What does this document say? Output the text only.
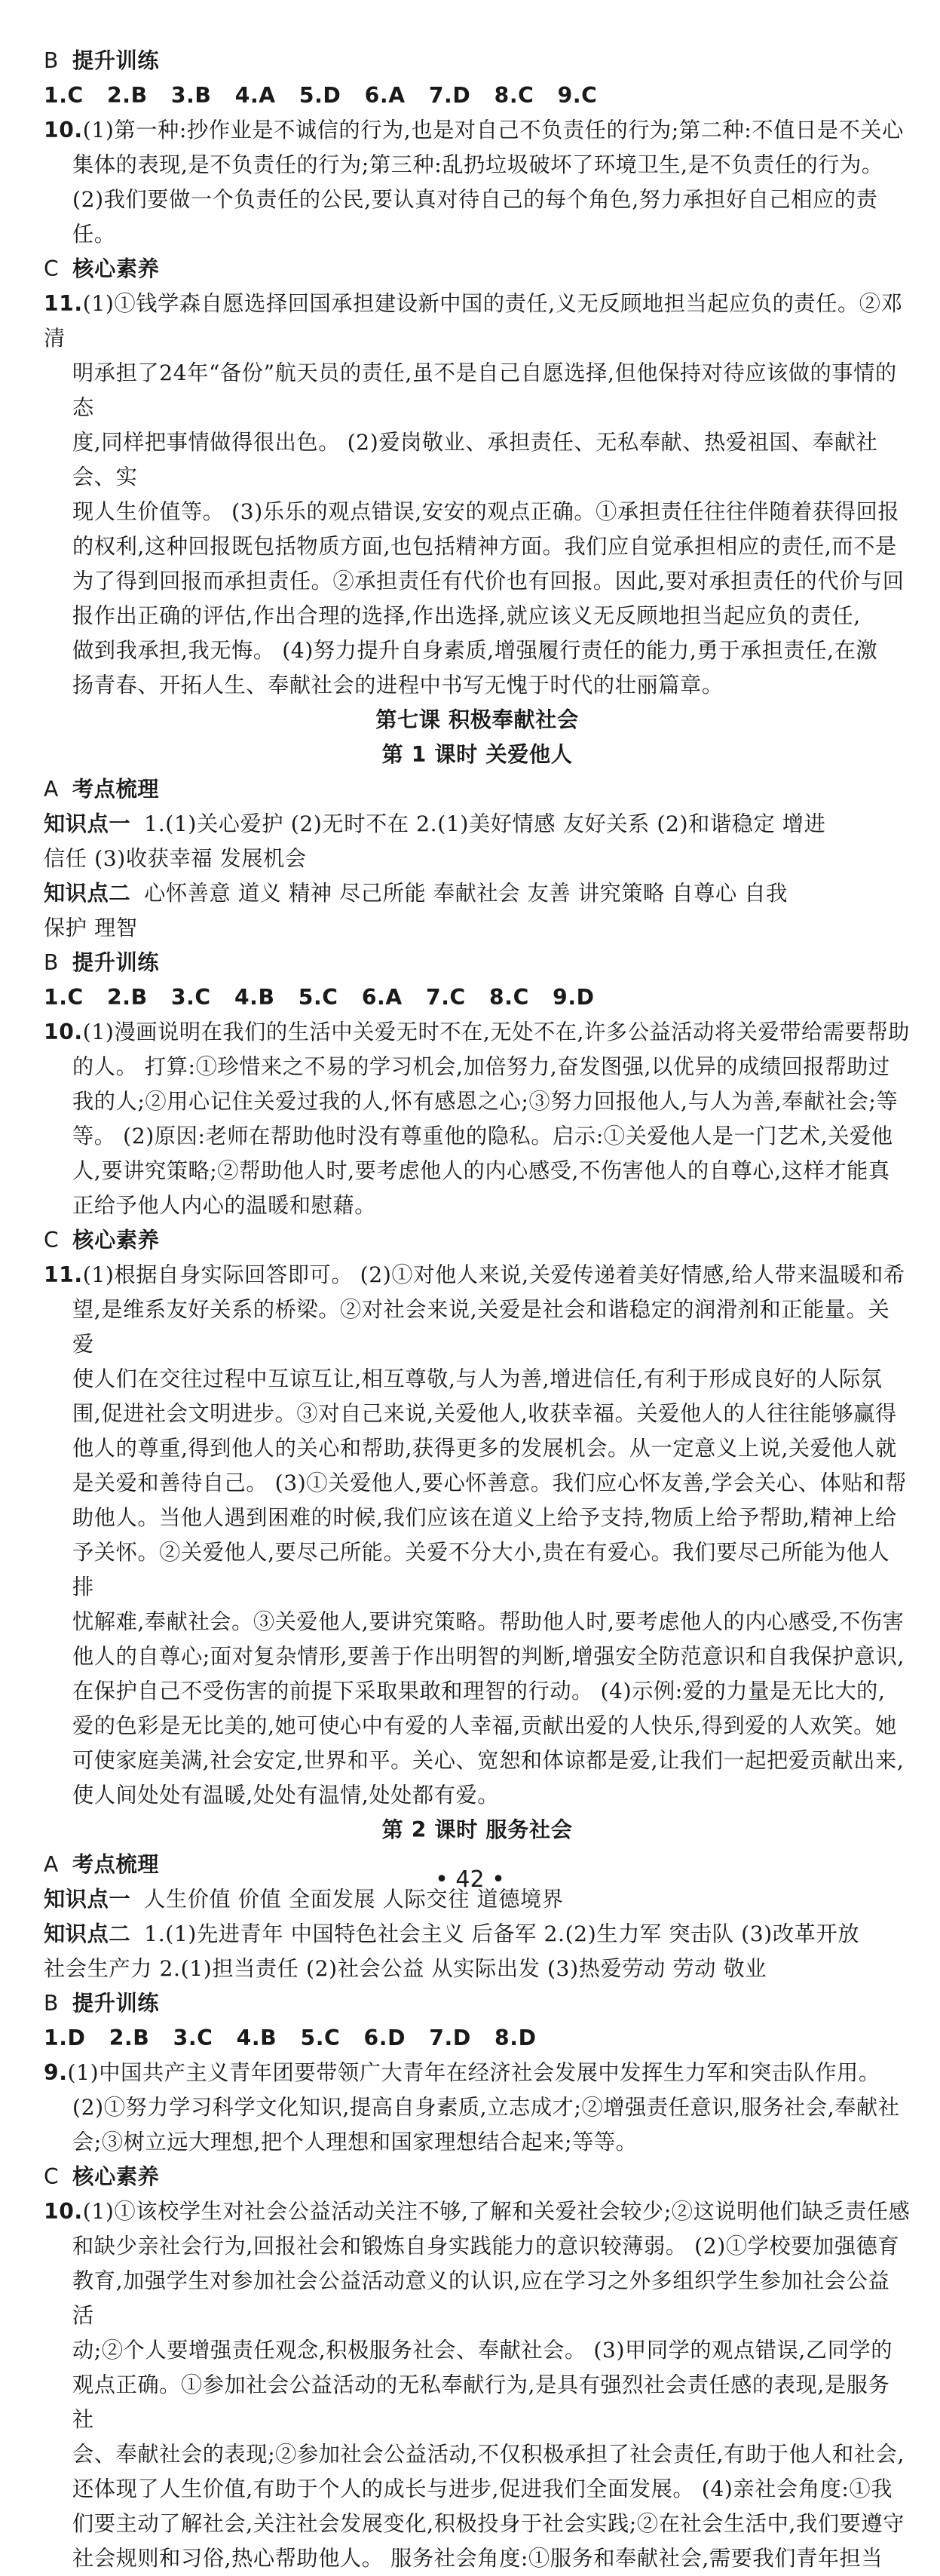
B 提升训练

1.C   2.B   3.B   4.A   5.D   6.A   7.D   8.C   9.C

10.(1)第一种:抄作业是不诚信的行为,也是对自己不负责任的行为;第二种:不值日是不关心

集体的表现,是不负责任的行为;第三种:乱扔垃圾破坏了环境卫生,是不负责任的行为。

(2)我们要做一个负责任的公民,要认真对待自己的每个角色,努力承担好自己相应的责任。

C 核心素养

11.(1)①钱学森自愿选择回国承担建设新中国的责任,义无反顾地担当起应负的责任。②邓清

明承担了24年“备份”航天员的责任,虽不是自己自愿选择,但他保持对待应该做的事情的态

度,同样把事情做得很出色。 (2)爱岗敬业、承担责任、无私奉献、热爱祖国、奉献社会、实

现人生价值等。 (3)乐乐的观点错误,安安的观点正确。①承担责任往往伴随着获得回报

的权利,这种回报既包括物质方面,也包括精神方面。我们应自觉承担相应的责任,而不是

为了得到回报而承担责任。②承担责任有代价也有回报。因此,要对承担责任的代价与回

报作出正确的评估,作出合理的选择,作出选择,就应该义无反顾地担当起应负的责任,

做到我承担,我无悔。 (4)努力提升自身素质,增强履行责任的能力,勇于承担责任,在激

扬青春、开拓人生、奉献社会的进程中书写无愧于时代的壮丽篇章。

第七课 积极奉献社会

第 1 课时 关爱他人

A 考点梳理

知识点一 1.(1)关心爱护 (2)无时不在 2.(1)美好情感 友好关系 (2)和谐稳定 增进

信任 (3)收获幸福 发展机会

知识点二 心怀善意 道义 精神 尽己所能 奉献社会 友善 讲究策略 自尊心 自我

保护 理智

B 提升训练

1.C   2.B   3.C   4.B   5.C   6.A   7.C   8.C   9.D

10.(1)漫画说明在我们的生活中关爱无时不在,无处不在,许多公益活动将关爱带给需要帮助

的人。 打算:①珍惜来之不易的学习机会,加倍努力,奋发图强,以优异的成绩回报帮助过

我的人;②用心记住关爱过我的人,怀有感恩之心;③努力回报他人,与人为善,奉献社会;等

等。 (2)原因:老师在帮助他时没有尊重他的隐私。启示:①关爱他人是一门艺术,关爱他

人,要讲究策略;②帮助他人时,要考虑他人的内心感受,不伤害他人的自尊心,这样才能真

正给予他人内心的温暖和慰藉。

C 核心素养

11.(1)根据自身实际回答即可。 (2)①对他人来说,关爱传递着美好情感,给人带来温暖和希

望,是维系友好关系的桥梁。②对社会来说,关爱是社会和谐稳定的润滑剂和正能量。关爱

使人们在交往过程中互谅互让,相互尊敬,与人为善,增进信任,有利于形成良好的人际氛

围,促进社会文明进步。③对自己来说,关爱他人,收获幸福。关爱他人的人往往能够赢得

他人的尊重,得到他人的关心和帮助,获得更多的发展机会。从一定意义上说,关爱他人就

是关爱和善待自己。 (3)①关爱他人,要心怀善意。我们应心怀友善,学会关心、体贴和帮

助他人。当他人遇到困难的时候,我们应该在道义上给予支持,物质上给予帮助,精神上给

予关怀。②关爱他人,要尽己所能。关爱不分大小,贵在有爱心。我们要尽己所能为他人排

忧解难,奉献社会。③关爱他人,要讲究策略。帮助他人时,要考虑他人的内心感受,不伤害

他人的自尊心;面对复杂情形,要善于作出明智的判断,增强安全防范意识和自我保护意识,

在保护自己不受伤害的前提下采取果敢和理智的行动。 (4)示例:爱的力量是无比大的,

爱的色彩是无比美的,她可使心中有爱的人幸福,贡献出爱的人快乐,得到爱的人欢笑。她

可使家庭美满,社会安定,世界和平。关心、宽恕和体谅都是爱,让我们一起把爱贡献出来,

使人间处处有温暖,处处有温情,处处都有爱。

第 2 课时 服务社会

A 考点梳理

知识点一 人生价值 价值 全面发展 人际交往 道德境界

知识点二 1.(1)先进青年 中国特色社会主义 后备军 2.(2)生力军 突击队 (3)改革开放

社会生产力 2.(1)担当责任 (2)社会公益 从实际出发 (3)热爱劳动 劳动 敬业

B 提升训练

1.D   2.B   3.C   4.B   5.C   6.D   7.D   8.D

9.(1)中国共产主义青年团要带领广大青年在经济社会发展中发挥生力军和突击队作用。

(2)①努力学习科学文化知识,提高自身素质,立志成才;②增强责任意识,服务社会,奉献社

会;③树立远大理想,把个人理想和国家理想结合起来;等等。

C 核心素养

10.(1)①该校学生对社会公益活动关注不够,了解和关爱社会较少;②这说明他们缺乏责任感

和缺少亲社会行为,回报社会和锻炼自身实践能力的意识较薄弱。 (2)①学校要加强德育

教育,加强学生对参加社会公益活动意义的认识,应在学习之外多组织学生参加社会公益活

动;②个人要增强责任观念,积极服务社会、奉献社会。 (3)甲同学的观点错误,乙同学的

观点正确。①参加社会公益活动的无私奉献行为,是具有强烈社会责任感的表现,是服务社

会、奉献社会的表现;②参加社会公益活动,不仅积极承担了社会责任,有助于他人和社会,

还体现了人生价值,有助于个人的成长与进步,促进我们全面发展。 (4)亲社会角度:①我

们要主动了解社会,关注社会发展变化,积极投身于社会实践;②在社会生活中,我们要遵守

社会规则和习俗,热心帮助他人。 服务社会角度:①服务和奉献社会,需要我们青年担当

• 42 •
